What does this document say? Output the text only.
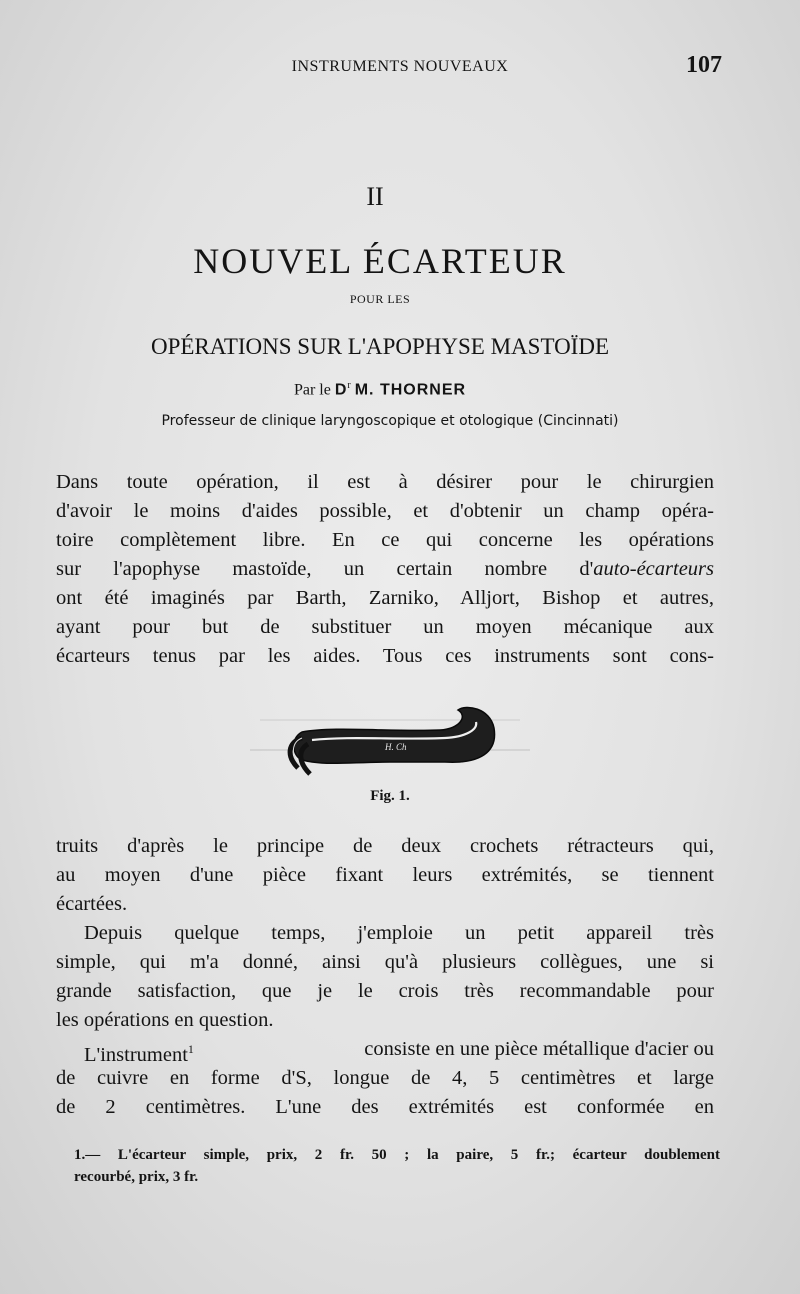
INSTRUMENTS NOUVEAUX	107
II
NOUVEL ÉCARTEUR
POUR LES
OPÉRATIONS SUR L'APOPHYSE MASTOÏDE
Par le $D^r$ M. THORNER
Professeur de clinique laryngoscopique et otologique (Cincinnati)
Dans toute opération, il est à désirer pour le chirurgien
d'avoir le moins d'aides possible, et d'obtenir un champ opéra-
toire complètement libre. En ce qui concerne les opérations
sur l'apophyse mastoïde, un certain nombre d'auto-écarteurs
ont été imaginés par Barth, Zarniko, Alljort, Bishop et autres,
ayant pour but de substituer un moyen mécanique aux
écarteurs tenus par les aides. Tous ces instruments sont cons-
H. Ch
Fig. 1.
truits d'après le principe de deux crochets rétracteurs qui,
au moyen d'une pièce fixant leurs extrémités, se tiennent
écartées.
Depuis quelque temps, j'emploie un petit appareil très
simple, qui m'a donné, ainsi qu'à plusieurs collègues, une si
grande satisfaction, que je le crois très recommandable pour
les opérations en question.
L'instrument$^1$	consiste en une pièce métallique d'acier ou
de cuivre en forme d'S, longue de 4, 5 centimètres et large
de 2 centimètres. L'une des extrémités est conformée en
1.— L'écarteur simple, prix, 2 fr. 50 ; la paire, 5 fr.; écarteur doublement
recourbé, prix, 3 fr.
